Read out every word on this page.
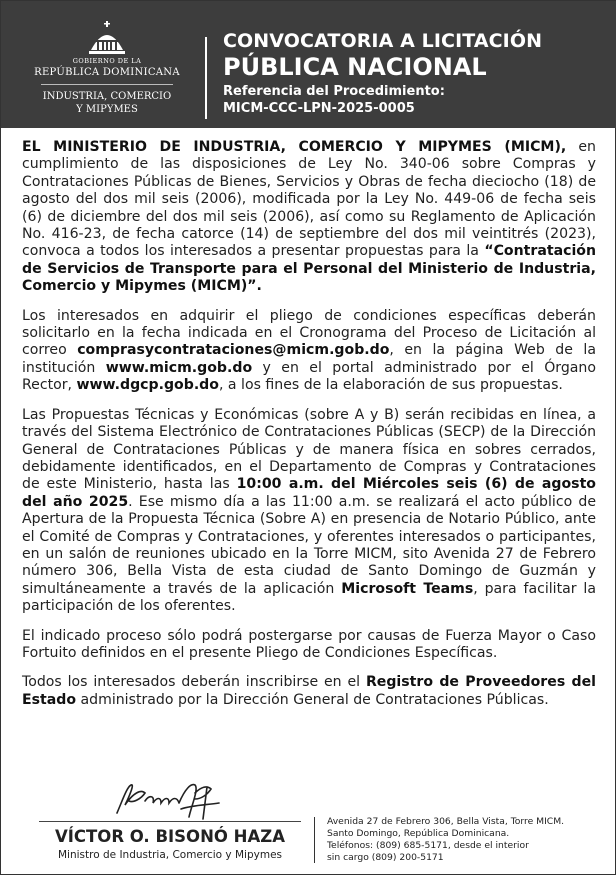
GOBIERNO DE LA
REPÚBLICA DOMINICANA
INDUSTRIA, COMERCIO
Y MIPYMES
CONVOCATORIA A LICITACIÓN
PÚBLICA NACIONAL
Referencia del Procedimiento:
MICM-CCC-LPN-2025-0005

EL MINISTERIO DE INDUSTRIA, COMERCIO Y MIPYMES (MICM), en cumplimiento de las disposiciones de Ley No. 340-06 sobre Compras y Contrataciones Públicas de Bienes, Servicios y Obras de fecha dieciocho (18) de agosto del dos mil seis (2006), modificada por la Ley No. 449-06 de fecha seis (6) de diciembre del dos mil seis (2006), así como su Reglamento de Aplicación No. 416-23, de fecha catorce (14) de septiembre del dos mil veintitrés (2023), convoca a todos los interesados a presentar propuestas para la “Contratación de Servicios de Transporte para el Personal del Ministerio de Industria, Comercio y Mipymes (MICM)”.

Los interesados en adquirir el pliego de condiciones específicas deberán solicitarlo en la fecha indicada en el Cronograma del Proceso de Licitación al correo comprasycontrataciones@micm.gob.do, en la página Web de la institución www.micm.gob.do y en el portal administrado por el Órgano Rector, www.dgcp.gob.do, a los fines de la elaboración de sus propuestas.

Las Propuestas Técnicas y Económicas (sobre A y B) serán recibidas en línea, a través del Sistema Electrónico de Contrataciones Públicas (SECP) de la Dirección General de Contrataciones Públicas y de manera física en sobres cerrados, debidamente identificados, en el Departamento de Compras y Contrataciones de este Ministerio, hasta las 10:00 a.m. del Miércoles seis (6) de agosto del año 2025. Ese mismo día a las 11:00 a.m. se realizará el acto público de Apertura de la Propuesta Técnica (Sobre A) en presencia de Notario Público, ante el Comité de Compras y Contrataciones, y oferentes interesados o participantes, en un salón de reuniones ubicado en la Torre MICM, sito Avenida 27 de Febrero número 306, Bella Vista de esta ciudad de Santo Domingo de Guzmán y simultáneamente a través de la aplicación Microsoft Teams, para facilitar la participación de los oferentes.

El indicado proceso sólo podrá postergarse por causas de Fuerza Mayor o Caso Fortuito definidos en el presente Pliego de Condiciones Específicas.

Todos los interesados deberán inscribirse en el Registro de Proveedores del Estado administrado por la Dirección General de Contrataciones Públicas.

VÍCTOR O. BISONÓ HAZA
Ministro de Industria, Comercio y Mipymes
Avenida 27 de Febrero 306, Bella Vista, Torre MICM.
Santo Domingo, República Dominicana.
Teléfonos: (809) 685-5171, desde el interior
sin cargo (809) 200-5171
